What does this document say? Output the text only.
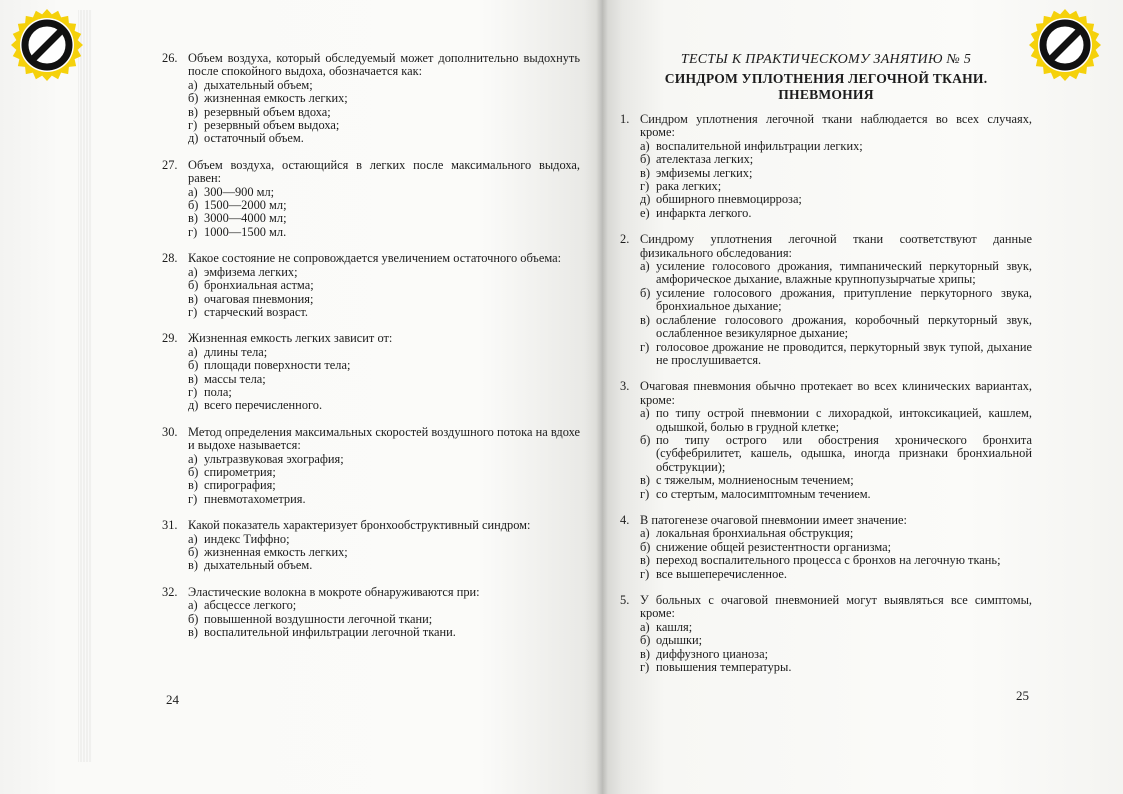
26. Объем воздуха, который обследуемый может дополнительно выдохнуть после спокойного выдоха, обозначается как:
а) дыхательный объем;
б) жизненная емкость легких;
в) резервный объем вдоха;
г) резервный объем выдоха;
д) остаточный объем.
27. Объем воздуха, остающийся в легких после максимального выдоха, равен:
а) 300—900 мл;
б) 1500—2000 мл;
в) 3000—4000 мл;
г) 1000—1500 мл.
28. Какое состояние не сопровождается увеличением остаточного объема:
а) эмфизема легких;
б) бронхиальная астма;
в) очаговая пневмония;
г) старческий возраст.
29. Жизненная емкость легких зависит от:
а) длины тела;
б) площади поверхности тела;
в) массы тела;
г) пола;
д) всего перечисленного.
30. Метод определения максимальных скоростей воздушного потока на вдохе и выдохе называется:
а) ультразвуковая эхография;
б) спирометрия;
в) спирография;
г) пневмотахометрия.
31. Какой показатель характеризует бронхообструктивный синдром:
а) индекс Тиффно;
б) жизненная емкость легких;
в) дыхательный объем.
32. Эластические волокна в мокроте обнаруживаются при:
а) абсцессе легкого;
б) повышенной воздушности легочной ткани;
в) воспалительной инфильтрации легочной ткани.
ТЕСТЫ К ПРАКТИЧЕСКОМУ ЗАНЯТИЮ № 5
СИНДРОМ УПЛОТНЕНИЯ ЛЕГОЧНОЙ ТКАНИ. ПНЕВМОНИЯ
1. Синдром уплотнения легочной ткани наблюдается во всех случаях, кроме:
а) воспалительной инфильтрации легких;
б) ателектаза легких;
в) эмфиземы легких;
г) рака легких;
д) обширного пневмоцирроза;
е) инфаркта легкого.
2. Синдрому уплотнения легочной ткани соответствуют данные физикального обследования:
а) усиление голосового дрожания, тимпанический перкуторный звук, амфорическое дыхание, влажные крупнопузырчатые хрипы;
б) усиление голосового дрожания, притупление перкуторного звука, бронхиальное дыхание;
в) ослабление голосового дрожания, коробочный перкуторный звук, ослабленное везикулярное дыхание;
г) голосовое дрожание не проводится, перкуторный звук тупой, дыхание не прослушивается.
3. Очаговая пневмония обычно протекает во всех клинических вариантах, кроме:
а) по типу острой пневмонии с лихорадкой, интоксикацией, кашлем, одышкой, болью в грудной клетке;
б) по типу острого или обострения хронического бронхита (субфебрилитет, кашель, одышка, иногда признаки бронхиальной обструкции);
в) с тяжелым, молниеносным течением;
г) со стертым, малосимптомным течением.
4. В патогенезе очаговой пневмонии имеет значение:
а) локальная бронхиальная обструкция;
б) снижение общей резистентности организма;
в) переход воспалительного процесса с бронхов на легочную ткань;
г) все вышеперечисленное.
5. У больных с очаговой пневмонией могут выявляться все симптомы, кроме:
а) кашля;
б) одышки;
в) диффузного цианоза;
г) повышения температуры.
24	25
